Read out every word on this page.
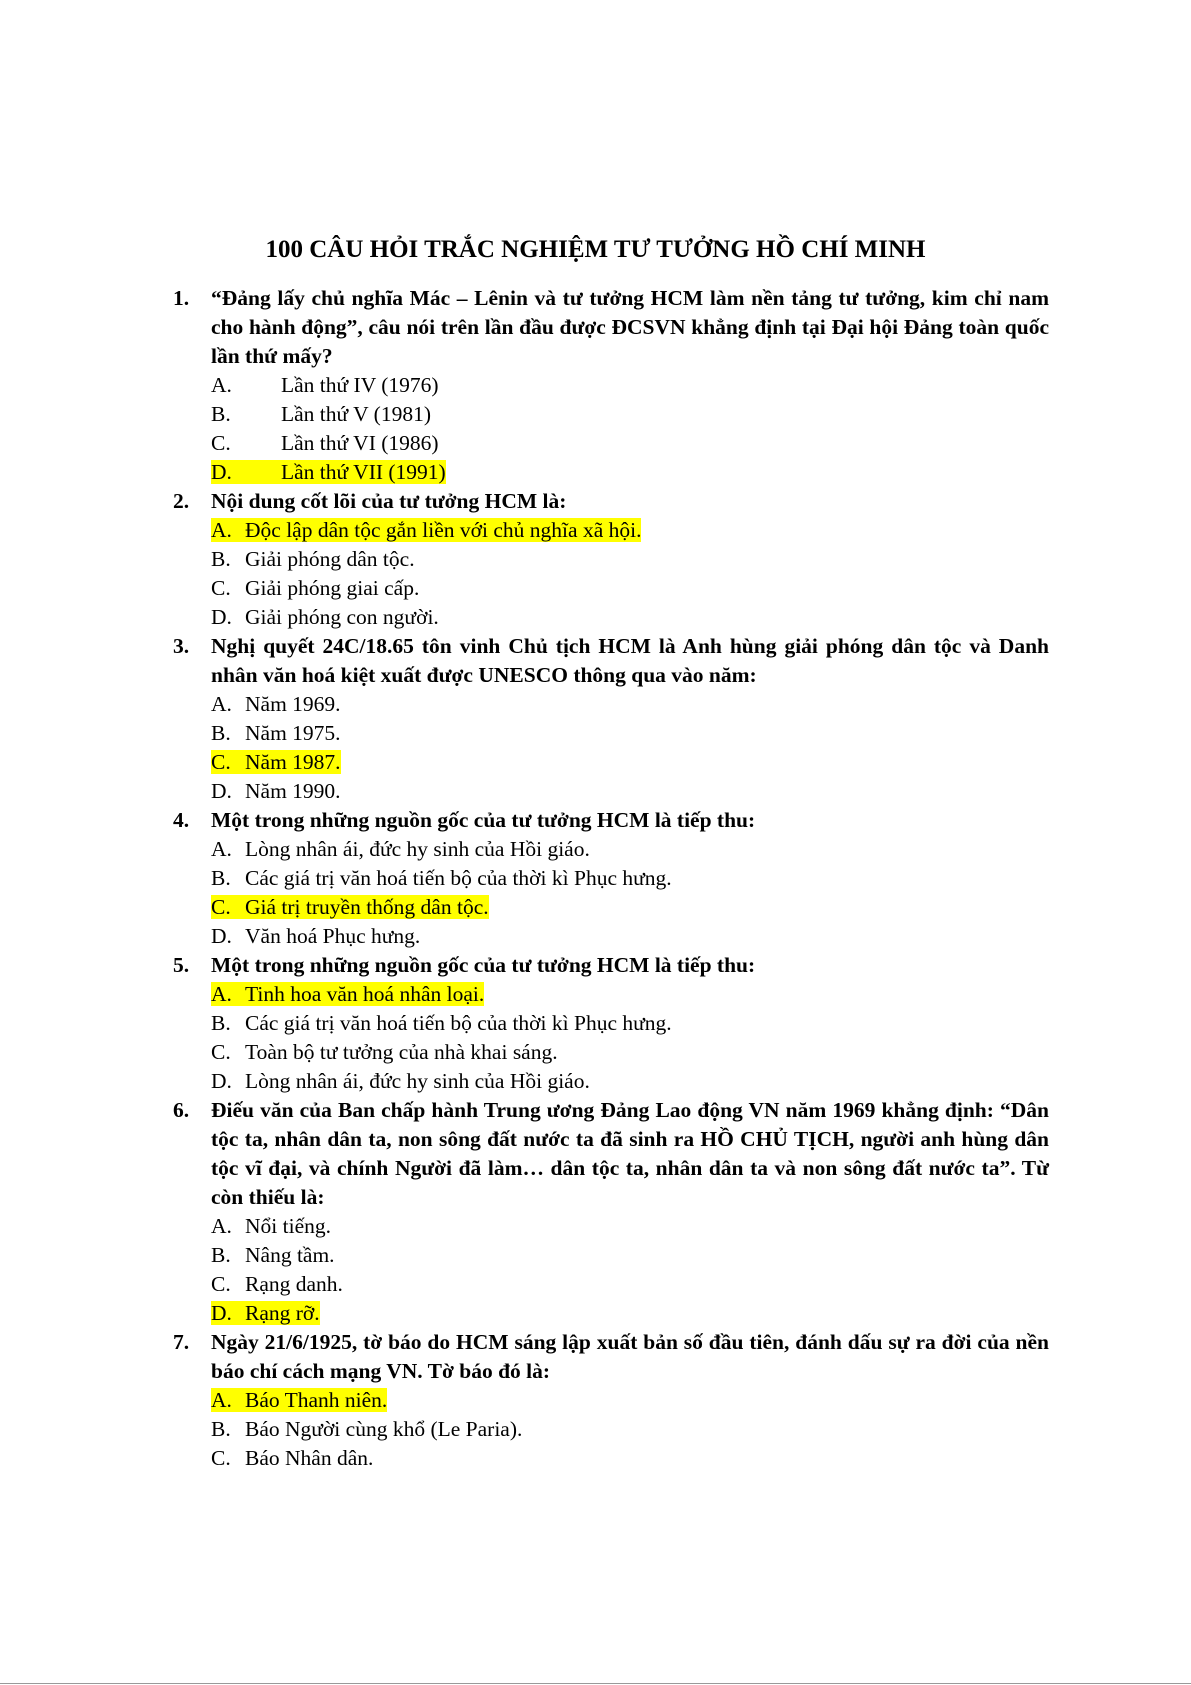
100 CÂU HỎI TRẮC NGHIỆM TƯ TƯỞNG HỒ CHÍ MINH
1. “Đảng lấy chủ nghĩa Mác – Lênin và tư tưởng HCM làm nền tảng tư tưởng, kim chỉ nam cho hành động”, câu nói trên lần đầu được ĐCSVN khẳng định tại Đại hội Đảng toàn quốc lần thứ mấy?
A. Lần thứ IV (1976)
B. Lần thứ V (1981)
C. Lần thứ VI (1986)
D. Lần thứ VII (1991)
2. Nội dung cốt lõi của tư tưởng HCM là:
A. Độc lập dân tộc gắn liền với chủ nghĩa xã hội.
B. Giải phóng dân tộc.
C. Giải phóng giai cấp.
D. Giải phóng con người.
3. Nghị quyết 24C/18.65 tôn vinh Chủ tịch HCM là Anh hùng giải phóng dân tộc và Danh nhân văn hoá kiệt xuất được UNESCO thông qua vào năm:
A. Năm 1969.
B. Năm 1975.
C. Năm 1987.
D. Năm 1990.
4. Một trong những nguồn gốc của tư tưởng HCM là tiếp thu:
A. Lòng nhân ái, đức hy sinh của Hồi giáo.
B. Các giá trị văn hoá tiến bộ của thời kì Phục hưng.
C. Giá trị truyền thống dân tộc.
D. Văn hoá Phục hưng.
5. Một trong những nguồn gốc của tư tưởng HCM là tiếp thu:
A. Tinh hoa văn hoá nhân loại.
B. Các giá trị văn hoá tiến bộ của thời kì Phục hưng.
C. Toàn bộ tư tưởng của nhà khai sáng.
D. Lòng nhân ái, đức hy sinh của Hồi giáo.
6. Điếu văn của Ban chấp hành Trung ương Đảng Lao động VN năm 1969 khẳng định: “Dân tộc ta, nhân dân ta, non sông đất nước ta đã sinh ra HỒ CHỦ TỊCH, người anh hùng dân tộc vĩ đại, và chính Người đã làm… dân tộc ta, nhân dân ta và non sông đất nước ta”. Từ còn thiếu là:
A. Nổi tiếng.
B. Nâng tầm.
C. Rạng danh.
D. Rạng rỡ.
7. Ngày 21/6/1925, tờ báo do HCM sáng lập xuất bản số đầu tiên, đánh dấu sự ra đời của nền báo chí cách mạng VN. Tờ báo đó là:
A. Báo Thanh niên.
B. Báo Người cùng khổ (Le Paria).
C. Báo Nhân dân.
